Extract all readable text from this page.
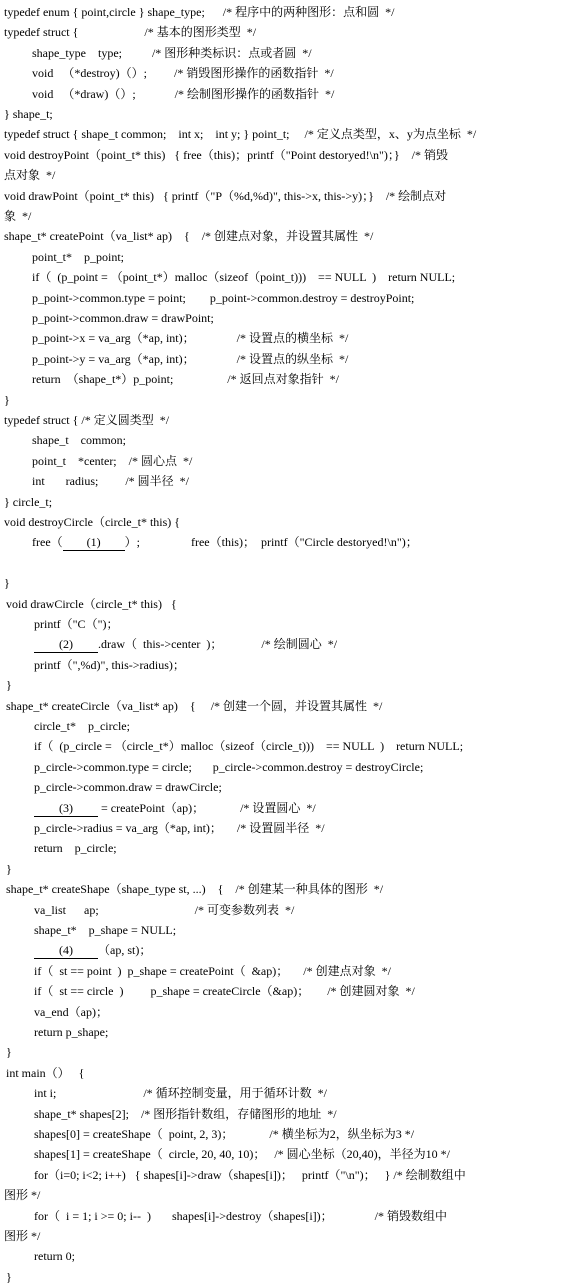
typedef enum { point,circle } shape_type;      /* 程序中的两种图形：点和圆  */
typedef struct {                      /* 基本的图形类型  */
shape_type    type;          /* 图形种类标识：点或者圆  */
void   （*destroy)（）;         /* 销毁图形操作的函数指针  */
void   （*draw)（）;             /* 绘制图形操作的函数指针  */
} shape_t;
typedef struct { shape_t common;    int x;    int y; } point_t;     /* 定义点类型，x、y为点坐标  */
void destroyPoint（point_t* this)   { free（this)；printf（"Point destoryed!\n")；}    /* 销毁
点对象  */
void drawPoint（point_t* this)   { printf（"P（%d,%d)", this->x, this->y)；}    /* 绘制点对
象  */
shape_t* createPoint（va_list* ap)    {    /* 创建点对象，并设置其属性  */
point_t*    p_point;
if（  (p_point = （point_t*）malloc（sizeof（point_t)))    == NULL  )    return NULL;
p_point->common.type = point;        p_point->common.destroy = destroyPoint;
p_point->common.draw = drawPoint;
p_point->x = va_arg（*ap, int)；              /* 设置点的横坐标  */
p_point->y = va_arg（*ap, int)；              /* 设置点的纵坐标  */
return  （shape_t*）p_point;                  /* 返回点对象指针  */
}
typedef struct { /* 定义圆类型  */
shape_t    common;
point_t    *center;    /* 圆心点  */
int       radius;         /* 圆半径  */
} circle_t;
void destroyCircle（circle_t* this) {
free（ (1) ）;                 free（this)；  printf（"Circle destoryed!\n")；
}
void drawCircle（circle_t* this)   {
printf（"C（")；
(2) .draw（  this->center  )；             /* 绘制圆心  */
printf（",%d)", this->radius)；
}
shape_t* createCircle（va_list* ap)    {     /* 创建一个圆，并设置其属性  */
circle_t*    p_circle;
if（  (p_circle = （circle_t*）malloc（sizeof（circle_t)))    == NULL  )    return NULL;
p_circle->common.type = circle;       p_circle->common.destroy = destroyCircle;
p_circle->common.draw = drawCircle;
(3) = createPoint（ap)；            /* 设置圆心  */
p_circle->radius = va_arg（*ap, int)；     /* 设置圆半径  */
return    p_circle;
}
shape_t* createShape（shape_type st, ...)    {    /* 创建某一种具体的图形  */
va_list      ap;                                /* 可变参数列表  */
shape_t*    p_shape = NULL;
(4) （ap, st)；
if（  st == point  )  p_shape = createPoint（  &ap)；     /* 创建点对象  */
if（  st == circle  )         p_shape = createCircle（&ap)；      /* 创建圆对象  */
va_end（ap)；
return p_shape;
}
int main（）   {
int i;                             /* 循环控制变量，用于循环计数  */
shape_t* shapes[2];    /* 图形指针数组，存储图形的地址  */
shapes[0] = createShape（  point, 2, 3)；            /* 横坐标为2，纵坐标为3 */
shapes[1] = createShape（  circle, 20, 40, 10)；   /* 圆心坐标（20,40)，半径为10 */
for（i=0; i<2; i++)   { shapes[i]->draw（shapes[i])；   printf（"\n")；   } /* 绘制数组中
图形 */
for（  i = 1; i >= 0; i--  )       shapes[i]->destroy（shapes[i])；              /* 销毁数组中
图形 */
return 0;
}
